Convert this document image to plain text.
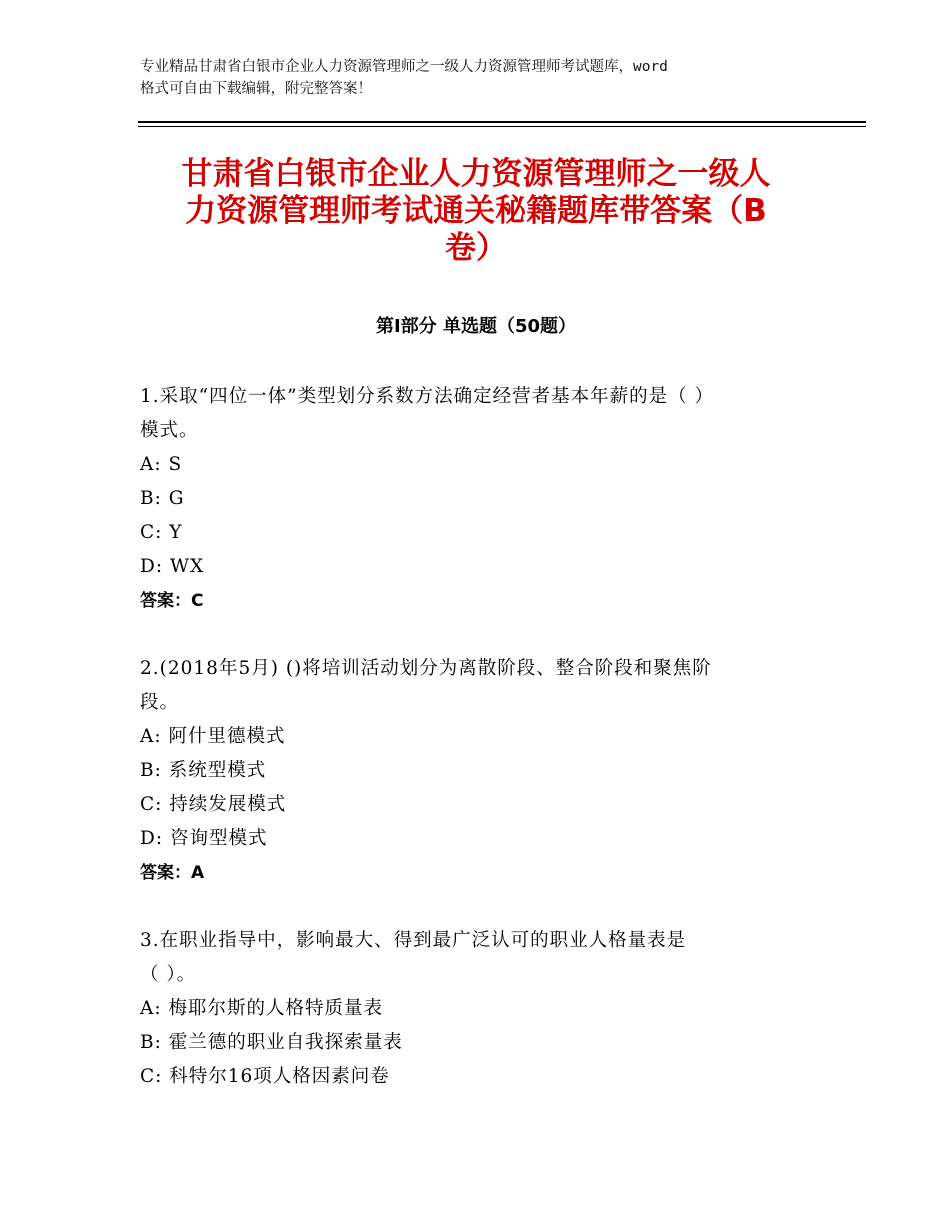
专业精品甘肃省白银市企业人力资源管理师之一级人力资源管理师考试题库，word

格式可自由下载编辑，附完整答案！

甘肃省白银市企业人力资源管理师之一级人
力资源管理师考试通关秘籍题库带答案（B
卷）
第Ⅰ部分 单选题（50题）

1.采取“四位一体”类型划分系数方法确定经营者基本年薪的是（ ）
模式。

A: S
B: G
C: Y
D: WX

答案：C

2.(2018年5月) ()将培训活动划分为离散阶段、整合阶段和聚焦阶
段。

A: 阿什里德模式
B: 系统型模式
C: 持续发展模式
D: 咨询型模式

答案：A

3.在职业指导中，影响最大、得到最广泛认可的职业人格量表是
（ ）。

A: 梅耶尔斯的人格特质量表
B: 霍兰德的职业自我探索量表
C: 科特尔16项人格因素问卷
